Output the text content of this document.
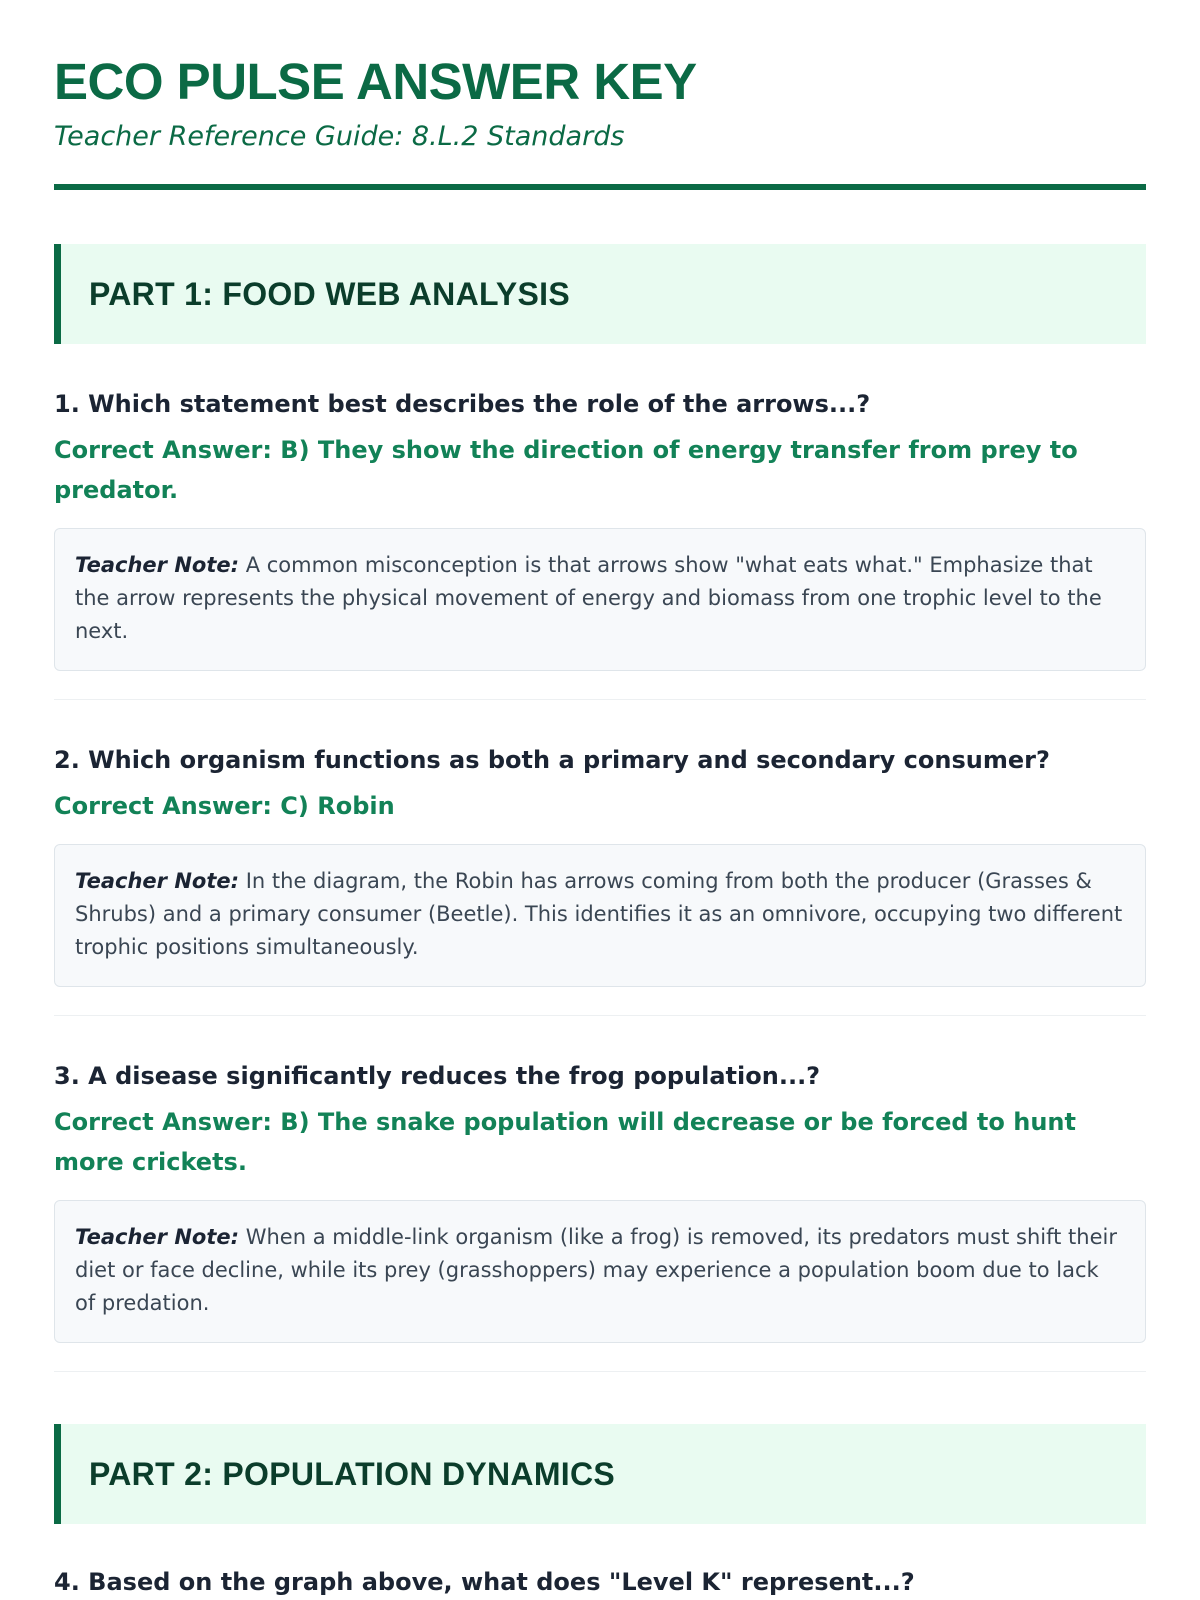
ECO PULSE ANSWER KEY
Teacher Reference Guide: 8.L.2 Standards
PART 1: FOOD WEB ANALYSIS
1. Which statement best describes the role of the arrows...?
Correct Answer: B) They show the direction of energy transfer from prey to predator.
Teacher Note: A common misconception is that arrows show "what eats what." Emphasize that the arrow represents the physical movement of energy and biomass from one trophic level to the next.
2. Which organism functions as both a primary and secondary consumer?
Correct Answer: C) Robin
Teacher Note: In the diagram, the Robin has arrows coming from both the producer (Grasses & Shrubs) and a primary consumer (Beetle). This identifies it as an omnivore, occupying two different trophic positions simultaneously.
3. A disease significantly reduces the frog population...?
Correct Answer: B) The snake population will decrease or be forced to hunt more crickets.
Teacher Note: When a middle-link organism (like a frog) is removed, its predators must shift their diet or face decline, while its prey (grasshoppers) may experience a population boom due to lack of predation.
PART 2: POPULATION DYNAMICS
4. Based on the graph above, what does "Level K" represent...?
